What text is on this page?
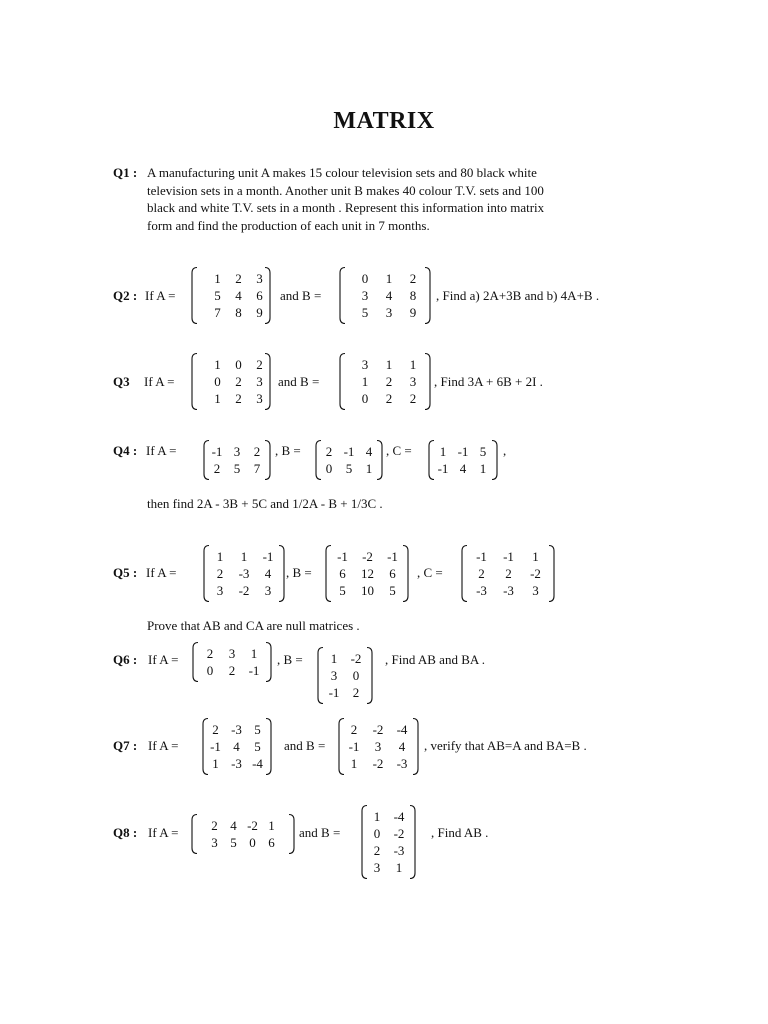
MATRIX
Q1 : A manufacturing unit A makes 15 colour television sets and 80 black white
television sets in a month. Another unit B makes 40 colour T.V. sets and 100
black and white T.V. sets in a month . Represent this information into matrix
form and find the production of each unit in 7 months.
Q2 : If A =
1	2	3
5	4	6
7	8	9
and B =
0	1	2
3	4	8
5	3	9
, Find a) 2A+3B and b) 4A+B .
Q3 If A =
1	0	2
0	2	3
1	2	3
and B =
3	1	1
1	2	3
0	2	2
, Find 3A + 6B + 2I .
Q4 : If A =	-1 3	2
2	5	7
, B =	2 -1 4
0	5	1
, C =	1 -1 5
-1 4	1
,
then find 2A - 3B + 5C and 1/2A - B + 1/3C .
Q5 : If A =
1	1	-1
2	-3	4
3	-2	3
, B =
-1	-2	-1
6	12	6
5	10	5
, C =
-1	-1	1
2	2	-2
-3	-3	3
Prove that AB and CA are null matrices .
Q6 : If A =	2	3	1
0	2	-1
, B =	1	-2
3	0
-1	2
, Find AB and BA .
Q7 : If A =
2 -3 5
-1 4	5
1 -3 -4
and B =
2	-2	-4
-1	3	4
1	-2	-3
, verify that AB=A and BA=B .
Q8 : If A =	2 4 -2 1
3 5 0 6
and B =
1	-4
0	-2
2	-3
3	1
, Find AB .
